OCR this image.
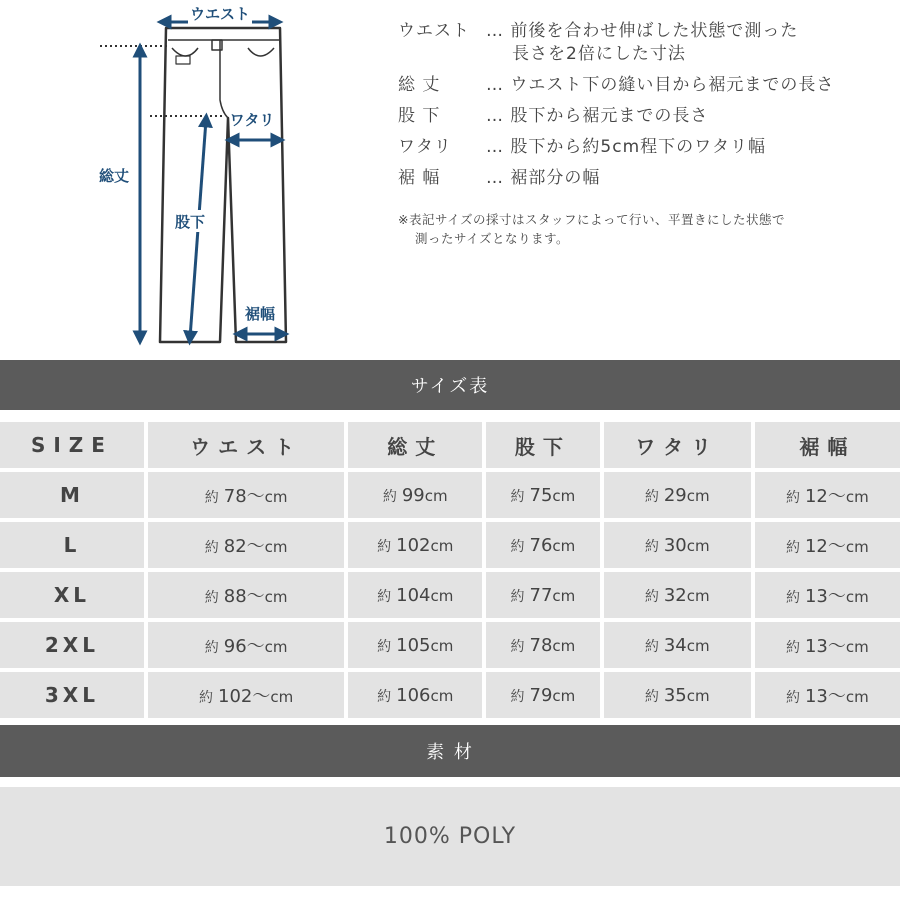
ウエスト
総丈
股下
ワタリ
裾幅
ウエスト … 前後を合わせ伸ばした状態で測った
長さを2倍にした寸法
総 丈	… ウエスト下の縫い目から裾元までの長さ
股 下	… 股下から裾元までの長さ
ワタリ	… 股下から約5cm程下のワタリ幅
裾 幅	… 裾部分の幅
※表記サイズの採寸はスタッフによって行い、平置きにした状態で
測ったサイズとなります。
サイズ表
SIZE	ウエスト	総丈	股下	ワタリ	裾幅
M	約 78〜cm	約 99cm	約 75cm	約 29cm	約 12〜cm
L	約 82〜cm	約 102cm	約 76cm	約 30cm	約 12〜cm
XL	約 88〜cm	約 104cm	約 77cm	約 32cm	約 13〜cm
2XL	約 96〜cm	約 105cm	約 78cm	約 34cm	約 13〜cm
3XL	約 102〜cm	約 106cm	約 79cm	約 35cm	約 13〜cm
素 材
100% POLY
